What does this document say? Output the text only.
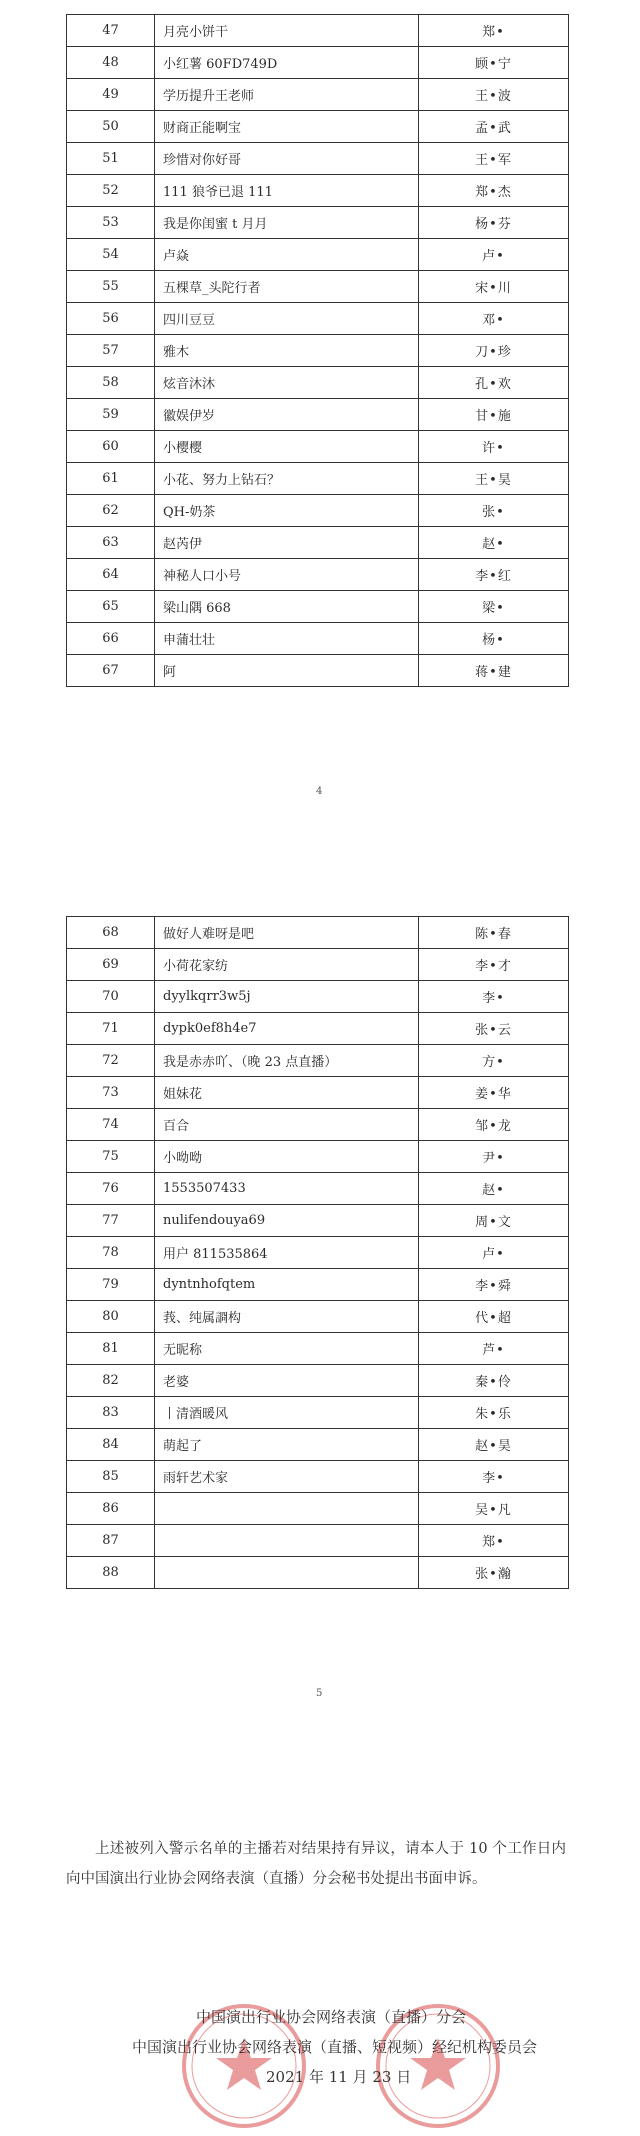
47	月亮小饼干	郑•
48	小红薯 60FD749D	顾•宁
49	学历提升王老师	王•波
50	财商正能啊宝	孟•武
51	珍惜对你好哥	王•军
52	111 狼爷已退 111	郑•杰
53	我是你闺蜜 t 月月	杨•芬
54	卢焱	卢•
55	五棵草_头陀行者	宋•川
56	四川豆豆	邓•
57	雅木	刀•珍
58	炫音沐沐	孔•欢
59	徽娱伊岁	甘•施
60	小樱樱	许•
61	小花、努力上钻石？	王•昊
62	QH-奶茶	张•
63	赵芮伊	赵•
64	神秘人口小号	李•红
65	梁山隅 668	梁•
66	申蒲壮壮	杨•
67	阿	蒋•建
4
68	做好人难呀是吧	陈•春
69	小荷花家纺	李•才
70	dyylkqrr3w5j	李•
71	dypk0ef8h4e7	张•云
72	我是赤赤吖、（晚 23 点直播）	方•
73	姐妹花	姜•华
74	百合	邹•龙
75	小呦呦	尹•
76	1553507433	赵•
77	nulifendouya69	周•文
78	用户 811535864	卢•
79	dyntnhofqtem	李•舜
80	莪、纯属𧨝构	代•超
81	无昵称	芦•
82	老婆	秦•伶
83	丨清酒暖风	朱•乐
84	萌起了	赵•昊
85	雨轩艺术家	李•
86		吴•凡
87		郑•
88		张•瀚
5
上述被列入警示名单的主播若对结果持有异议，请本人于 10 个工作日内向中国演出行业协会网络表演（直播）分会秘书处提出书面申诉。
中国演出行业协会网络表演（直播）分会
中国演出行业协会网络表演（直播、短视频）经纪机构委员会
2021 年 11 月 23 日
